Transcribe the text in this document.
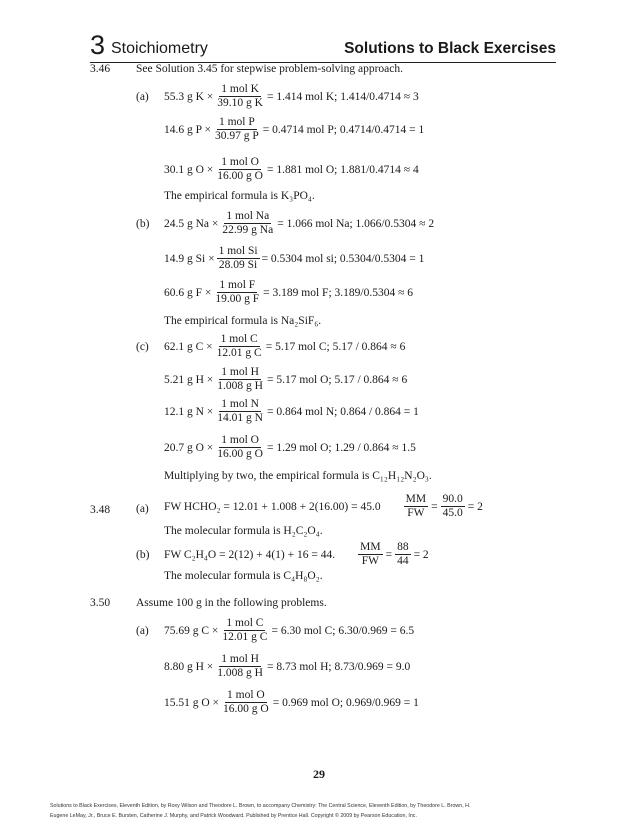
3 Stoichiometry	Solutions to Black Exercises
3.46 See Solution 3.45 for stepwise problem-solving approach.
(a) 55.3 g $K \times \frac{\text{1 mol K}}{\text{39.10 g K}} = 1.414$ mol K; 1.414/0.4714 ≈ 3
14.6 g $P \times \frac{\text{1 mol P}}{\text{30.97 g P}} = 0.4714$ mol P; 0.4714/0.4714 = 1
30.1 g $O \times \frac{\text{1 mol O}}{\text{16.00 g O}} = 1.881$ mol O; 1.881/0.4714 ≈ 4
The empirical formula is K₃PO₄.
(b) 24.5 g $Na \times \frac{\text{1 mol Na}}{\text{22.99 g Na}} = 1.066$ mol Na; 1.066/0.5304 ≈ 2
14.9 g $Si \times \frac{\text{1 mol Si}}{28.09 Si} = 0.5304$ mol si; 0.5304/0.5304 = 1
60.6 g $F \times \frac{\text{1 mol F}}{\text{19.00 g F}} = 3.189$ mol F; 3.189/0.5304 ≈ 6
The empirical formula is Na₂SiF₆.
(c) 62.1 g $C \times \frac{\text{1 mol C}}{\text{12.01 g C}} = 5.17$ mol C; 5.17 / 0.864 ≈ 6
5.21 g $H \times \frac{\text{1 mol H}}{\text{1.008 g H}} = 5.17$ mol O; 5.17 / 0.864 ≈ 6
12.1 g $N \times \frac{\text{1 mol N}}{\text{14.01 g N}} = 0.864$ mol N; 0.864 / 0.864 = 1
20.7 g $O \times \frac{\text{1 mol O}}{\text{16.00 g O}} = 1.29$ mol O; 1.29 / 0.864 ≈ 1.5
Multiplying by two, the empirical formula is C₁₂H₁₂N₂O₃.
3.48 (a) FW HCHO₂ = $12.01 + 1.008 + 2(16.00) = 45.0 \frac{MM}{FW} = \frac{90.0}{45.0} = 2$
The molecular formula is H₂C₂O₄.
(b) FW C₂H₄O = 2(12) + 4(1) + 16 = 44. $\frac{MM}{FW} = \frac{88}{44} = 2$
The molecular formula is C₄H₈O₂.
3.50 Assume 100 g in the following problems.
(a) 75.69 g $C \times \frac{\text{1 mol C}}{\text{12.01 g C}} = 6.30$ mol C; 6.30/0.969 = 6.5
8.80 g $H \times \frac{\text{1 mol H}}{\text{1.008 g H}} = 8.73$ mol H; 8.73/0.969 = 9.0
15.51 g $O \times \frac{\text{1 mol O}}{\text{16.00 g O}} = 0.969$ mol O; 0.969/0.969 = 1
29
Solutions to Black Exercises, Eleventh Edition, by Roxy Wilson and Theodore L. Brown, to accompany Chemistry: The Central Science, Eleventh Edition, by Theodore L. Brown, H.
Eugene LeMay, Jr., Bruce E. Bursten, Catherine J. Murphy, and Patrick Woodward. Published by Prentice Hall. Copyright © 2009 by Pearson Education, Inc.
